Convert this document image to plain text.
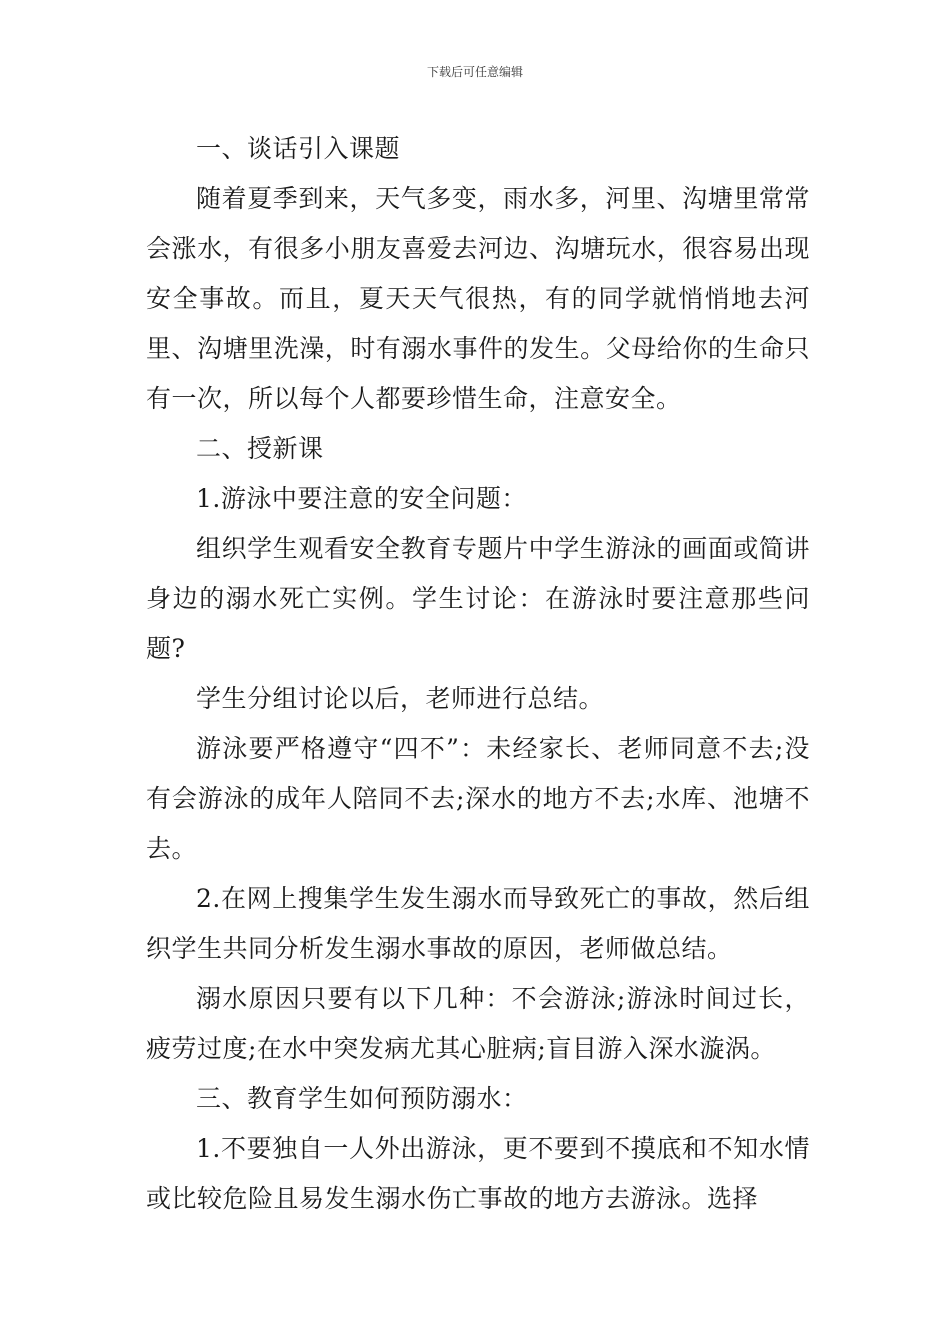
下载后可任意编辑

一、谈话引入课题

随着夏季到来，天气多变，雨水多，河里、沟塘里常常会涨水，有很多小朋友喜爱去河边、沟塘玩水，很容易出现安全事故。而且，夏天天气很热，有的同学就悄悄地去河里、沟塘里洗澡，时有溺水事件的发生。父母给你的生命只有一次，所以每个人都要珍惜生命，注意安全。

二、授新课

1.游泳中要注意的安全问题：

组织学生观看安全教育专题片中学生游泳的画面或简讲身边的溺水死亡实例。学生讨论：在游泳时要注意那些问题?

学生分组讨论以后，老师进行总结。

游泳要严格遵守“四不”：未经家长、老师同意不去;没有会游泳的成年人陪同不去;深水的地方不去;水库、池塘不去。

2.在网上搜集学生发生溺水而导致死亡的事故，然后组织学生共同分析发生溺水事故的原因，老师做总结。

溺水原因只要有以下几种：不会游泳;游泳时间过长，疲劳过度;在水中突发病尤其心脏病;盲目游入深水漩涡。

三、教育学生如何预防溺水：

1.不要独自一人外出游泳，更不要到不摸底和不知水情或比较危险且易发生溺水伤亡事故的地方去游泳。选择
